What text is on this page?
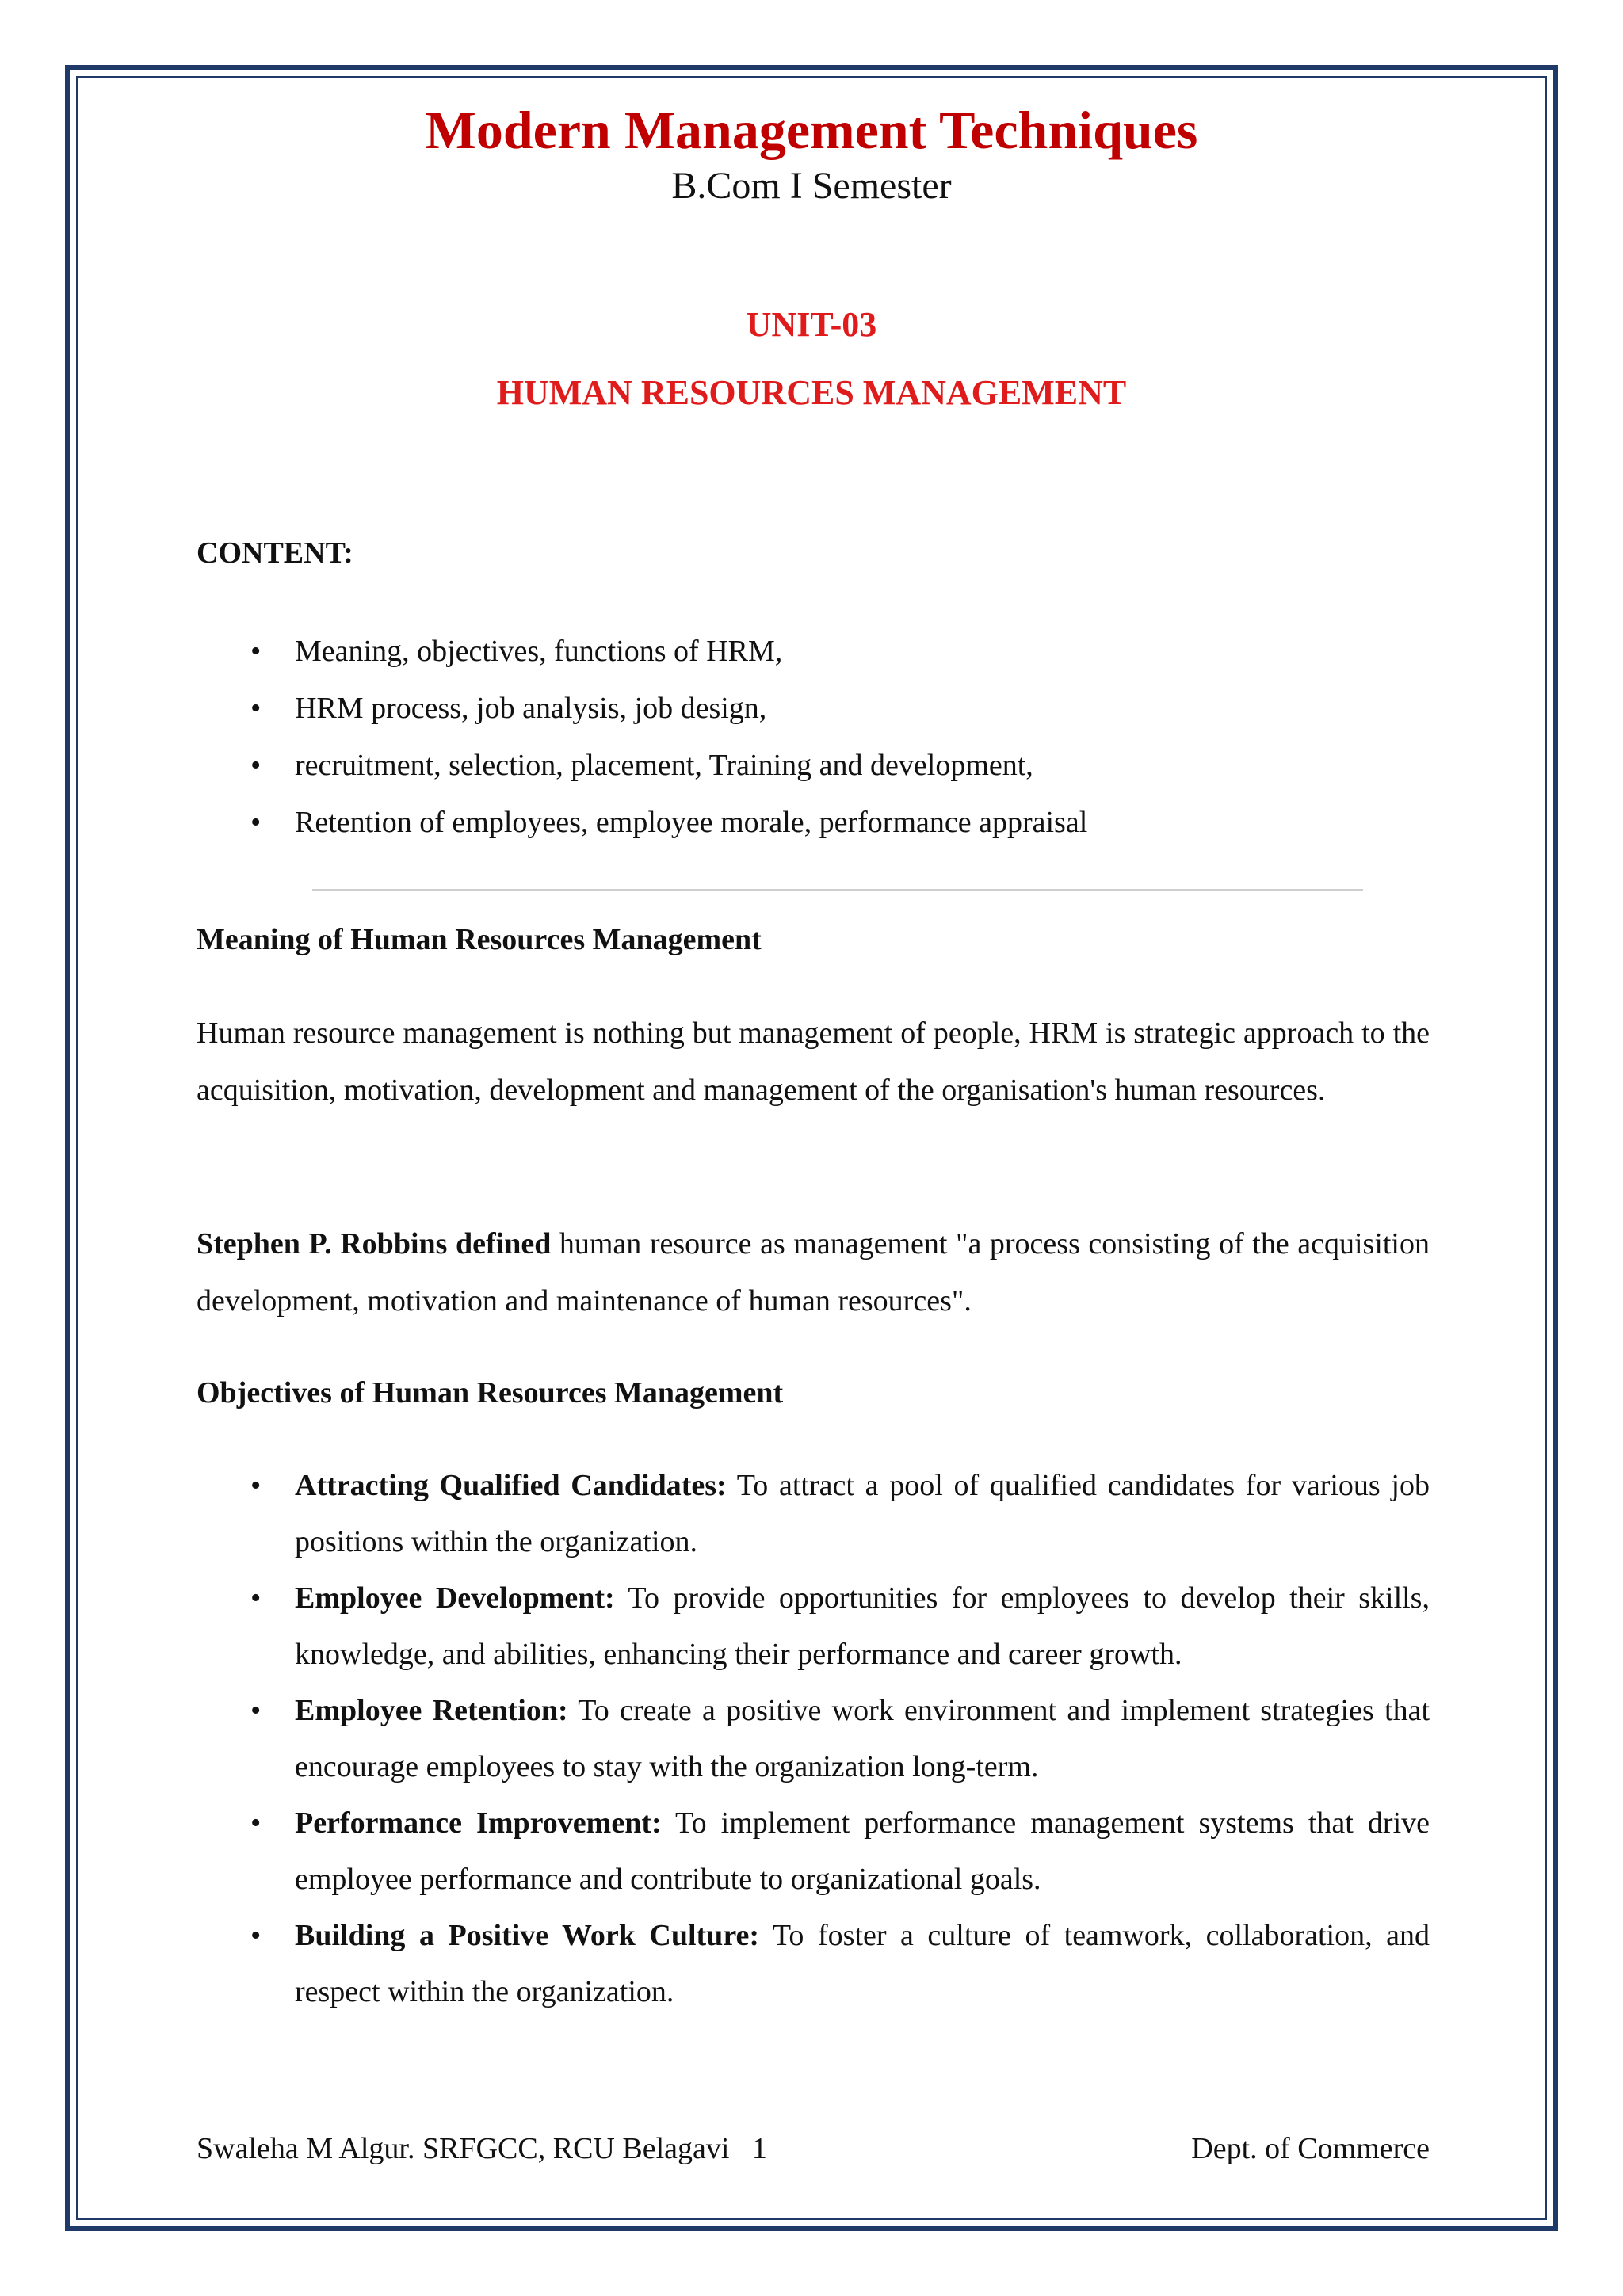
Modern Management Techniques
B.Com I Semester
UNIT-03
HUMAN RESOURCES MANAGEMENT
CONTENT:
• Meaning, objectives, functions of HRM,
• HRM process, job analysis, job design,
• recruitment, selection, placement, Training and development,
• Retention of employees, employee morale, performance appraisal
Meaning of Human Resources Management
Human resource management is nothing but management of people, HRM is strategic approach to the acquisition, motivation, development and management of the organisation's human resources.
Stephen P. Robbins defined human resource as management "a process consisting of the acquisition development, motivation and maintenance of human resources".
Objectives of Human Resources Management
• Attracting Qualified Candidates: To attract a pool of qualified candidates for various job positions within the organization.
• Employee Development: To provide opportunities for employees to develop their skills, knowledge, and abilities, enhancing their performance and career growth.
• Employee Retention: To create a positive work environment and implement strategies that encourage employees to stay with the organization long-term.
• Performance Improvement: To implement performance management systems that drive employee performance and contribute to organizational goals.
• Building a Positive Work Culture: To foster a culture of teamwork, collaboration, and respect within the organization.
Swaleha M Algur. SRFGCC, RCU Belagavi   1	Dept. of Commerce
